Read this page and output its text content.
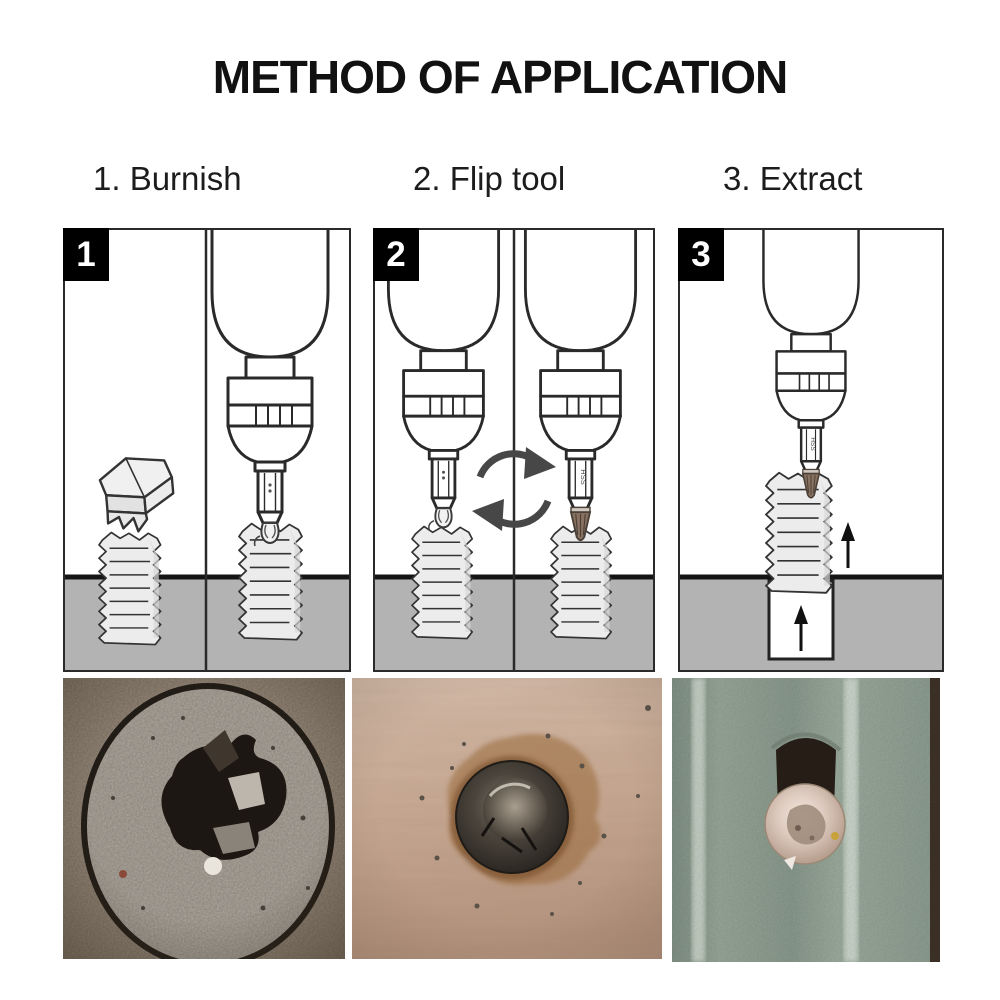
METHOD OF APPLICATION
1. Burnish	2. Flip tool	3. Extract
1
HSS
2
HSS
3
